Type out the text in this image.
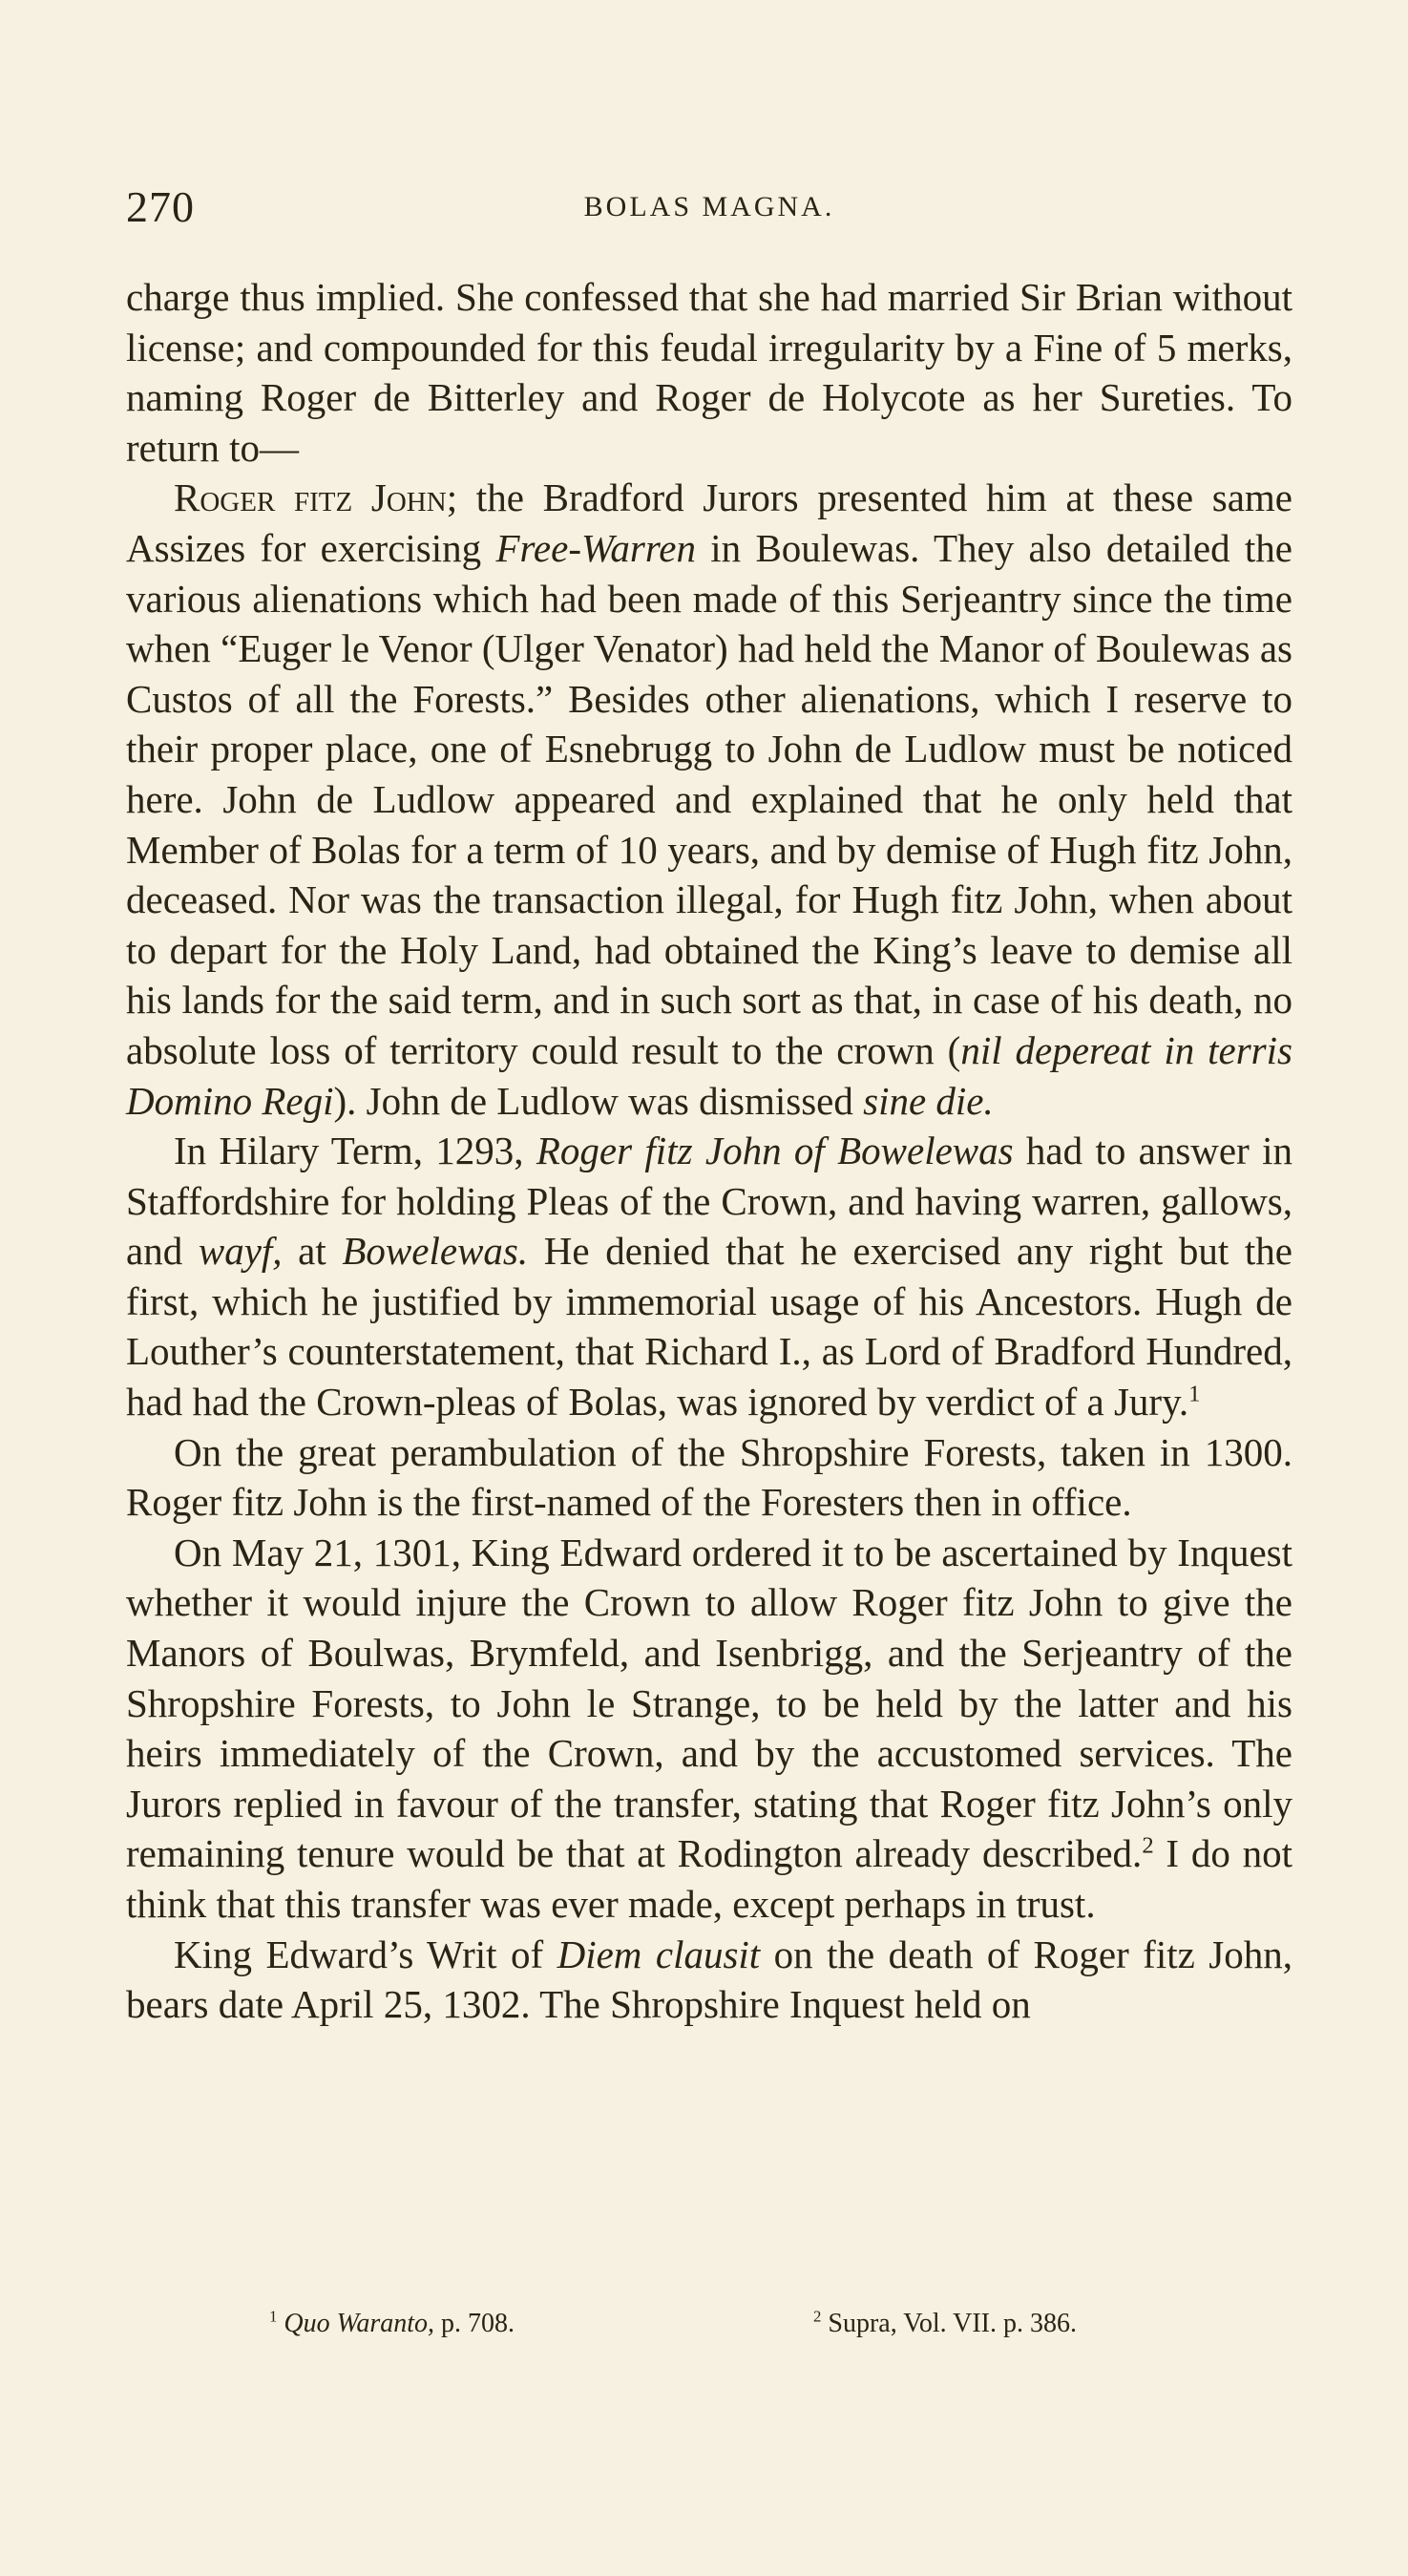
270	BOLAS MAGNA.

charge thus implied. She confessed that she had married Sir Brian without license; and compounded for this feudal irregularity by a Fine of 5 merks, naming Roger de Bitterley and Roger de Holycote as her Sureties. To return to—

Roger fitz John; the Bradford Jurors presented him at these same Assizes for exercising Free-Warren in Boulewas. They also detailed the various alienations which had been made of this Serjeantry since the time when “Euger le Venor (Ulger Venator) had held the Manor of Boulewas as Custos of all the Forests.” Besides other alienations, which I reserve to their proper place, one of Esnebrugg to John de Ludlow must be noticed here. John de Ludlow appeared and explained that he only held that Member of Bolas for a term of 10 years, and by demise of Hugh fitz John, deceased. Nor was the transaction illegal, for Hugh fitz John, when about to depart for the Holy Land, had obtained the King’s leave to demise all his lands for the said term, and in such sort as that, in case of his death, no absolute loss of territory could result to the crown (nil depereat in terris Domino Regi). John de Ludlow was dismissed sine die.

In Hilary Term, 1293, Roger fitz John of Bowelewas had to answer in Staffordshire for holding Pleas of the Crown, and having warren, gallows, and wayf, at Bowelewas. He denied that he exercised any right but the first, which he justified by immemorial usage of his Ancestors. Hugh de Louther’s counterstatement, that Richard I., as Lord of Bradford Hundred, had had the Crown-pleas of Bolas, was ignored by verdict of a Jury.$^1$

On the great perambulation of the Shropshire Forests, taken in 1300. Roger fitz John is the first-named of the Foresters then in office.

On May 21, 1301, King Edward ordered it to be ascertained by Inquest whether it would injure the Crown to allow Roger fitz John to give the Manors of Boulwas, Brymfeld, and Isenbrigg, and the Serjeantry of the Shropshire Forests, to John le Strange, to be held by the latter and his heirs immediately of the Crown, and by the accustomed services. The Jurors replied in favour of the transfer, stating that Roger fitz John’s only remaining tenure would be that at Rodington already described.$^2$ I do not think that this transfer was ever made, except perhaps in trust.

King Edward’s Writ of Diem clausit on the death of Roger fitz John, bears date April 25, 1302. The Shropshire Inquest held on

$^1$ Quo Waranto, p. 708.	$^2$ Supra, Vol. VII. p. 386.
